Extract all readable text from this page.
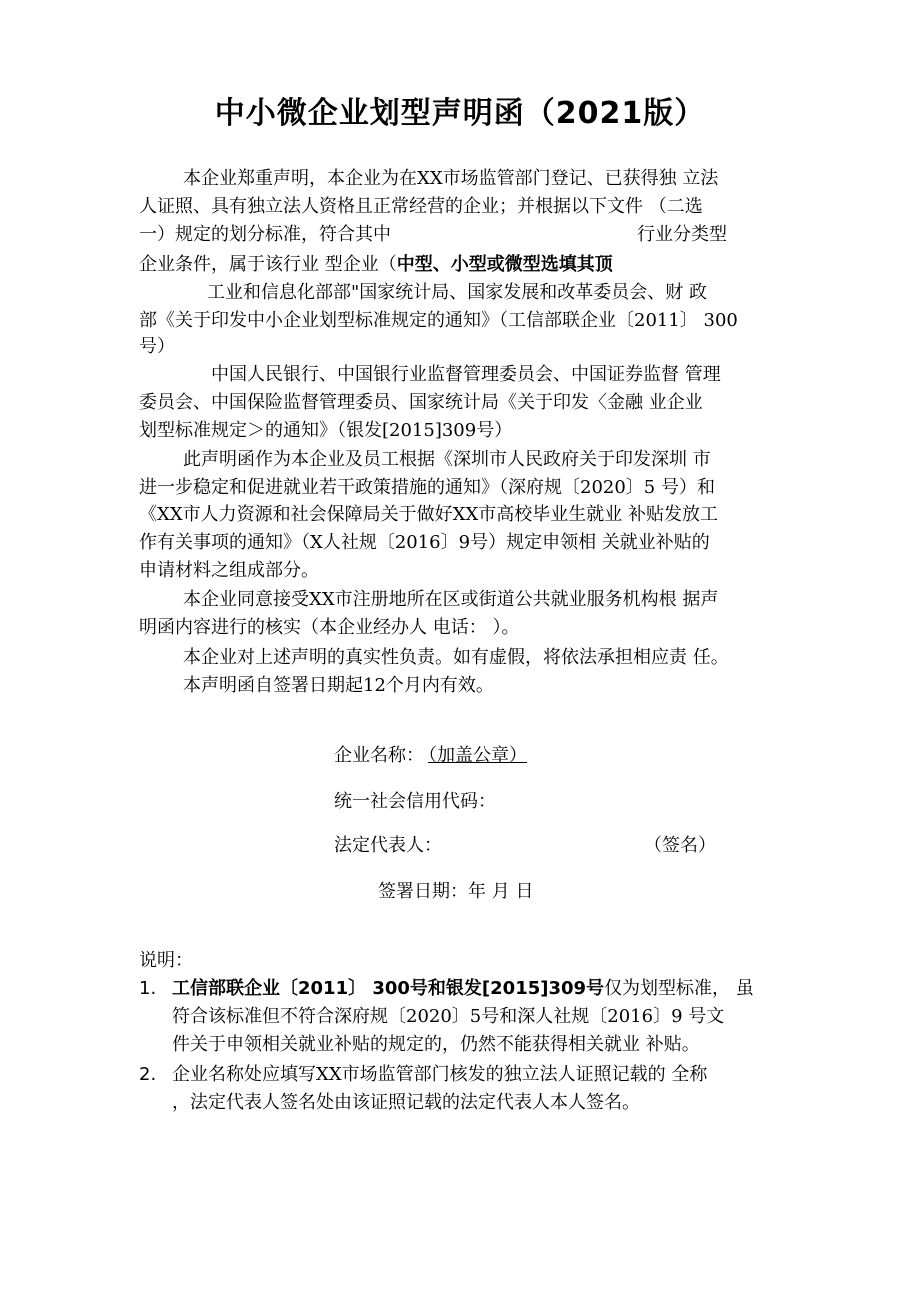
中小微企业划型声明函（2021版）
本企业郑重声明，本企业为在XX市场监管部门登记、已获得独 立法
人证照、具有独立法人资格且正常经营的企业；并根据以下文件 （二选
一）规定的划分标准，符合其中	行业分类型
企业条件，属于该行业 型企业（中型、小型或微型选填其顶
工业和信息化部部"国家统计局、国家发展和改革委员会、财 政
部《关于印发中小企业划型标准规定的通知》（工信部联企业〔2011〕 300
号）
中国人民银行、中国银行业监督管理委员会、中国证券监督 管理
委员会、中国保险监督管理委员、国家统计局《关于印发〈金融 业企业
划型标准规定＞的通知》（银发[2015]309号）
此声明函作为本企业及员工根据《深圳市人民政府关于印发深圳 市
进一步稳定和促进就业若干政策措施的通知》（深府规〔2020〕5 号）和
《XX市人力资源和社会保障局关于做好XX市高校毕业生就业 补贴发放工
作有关事项的通知》（X人社规〔2016〕9号）规定申领相 关就业补贴的
申请材料之组成部分。
本企业同意接受XX市注册地所在区或街道公共就业服务机构根 据声
明函内容进行的核实（本企业经办人 电话： ）。
本企业对上述声明的真实性负责。如有虚假，将依法承担相应责 任。
本声明函自签署日期起12个月内有效。
企业名称： （加盖公章）
统一社会信用代码：
法定代表人：	（签名）
签署日期：年 月 日
说明：
1. 工信部联企业〔2011〕 300号和银发[2015]309号仅为划型标准， 虽
符合该标准但不符合深府规〔2020〕5号和深人社规〔2016〕9 号文
件关于申领相关就业补贴的规定的，仍然不能获得相关就业 补贴。
2. 企业名称处应填写XX市场监管部门核发的独立法人证照记载的 全称
，法定代表人签名处由该证照记载的法定代表人本人签名。
